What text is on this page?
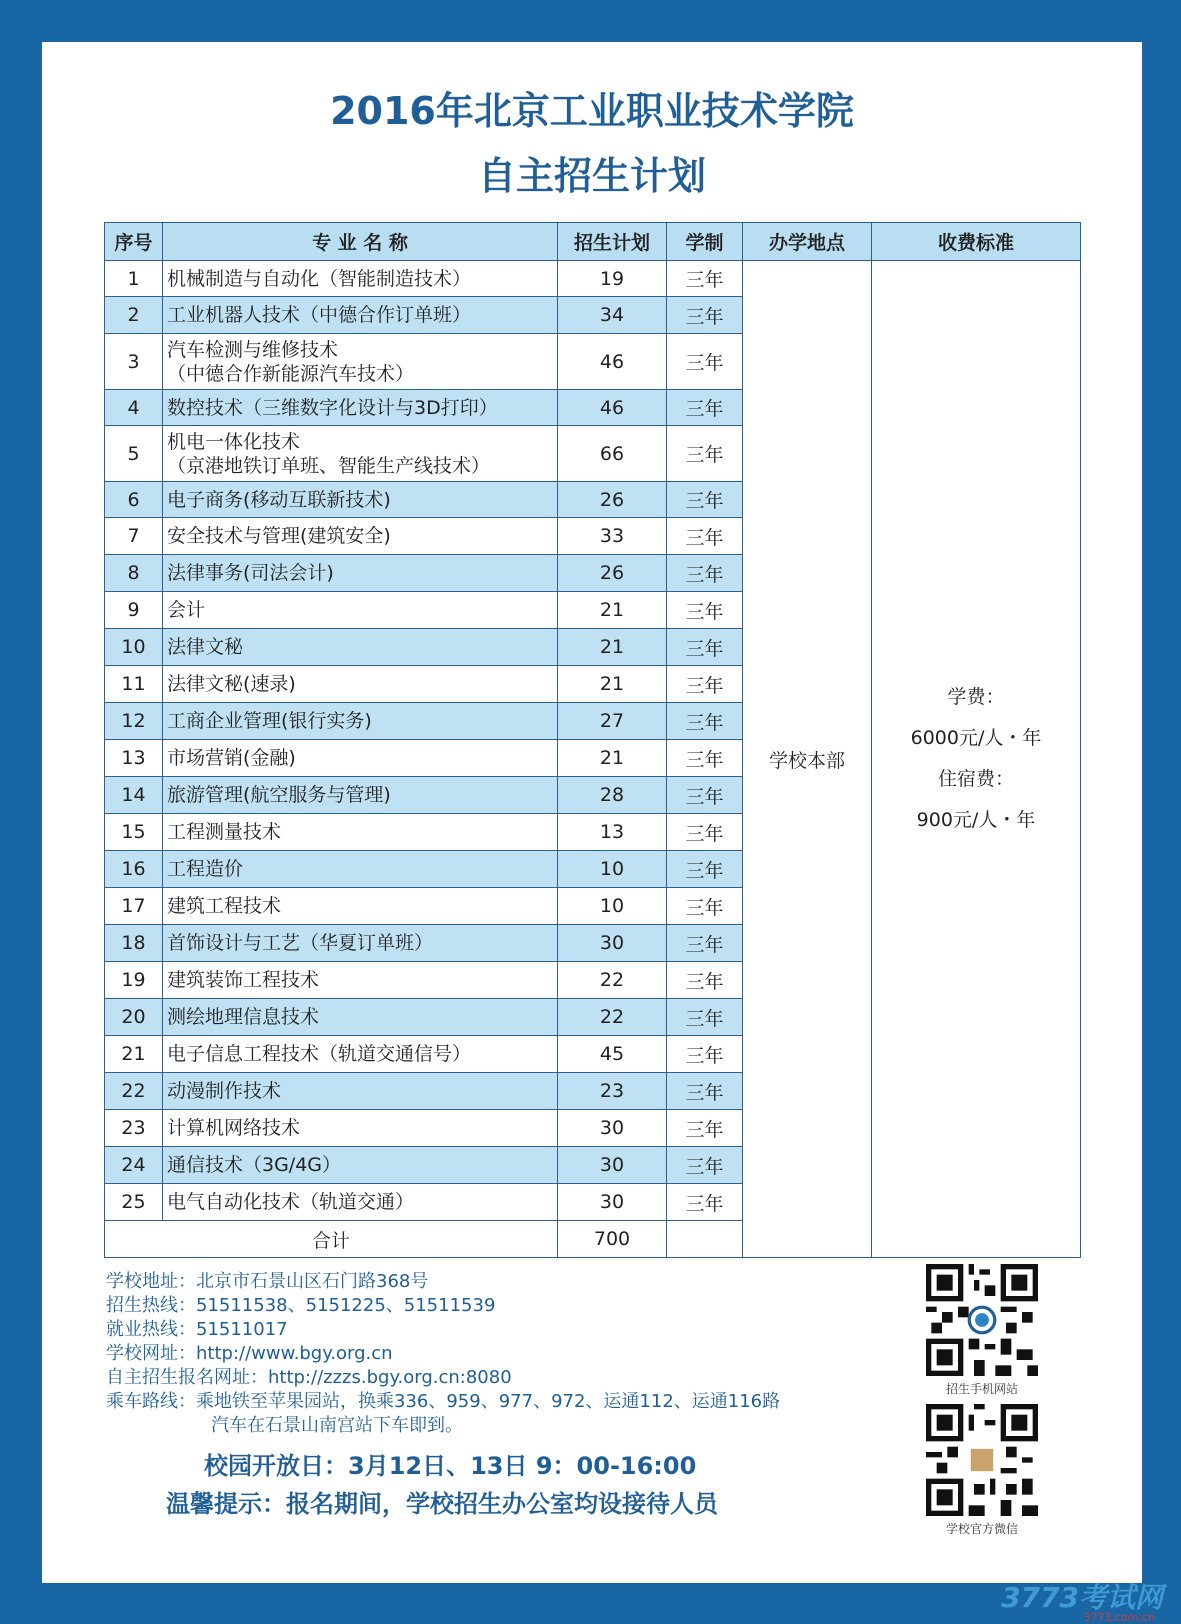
2016年北京工业职业技术学院
自主招生计划
序号	专 业 名 称	招生计划	学制	办学地点	收费标准
1	机械制造与自动化（智能制造技术）	19	三年	学校本部	学费：
6000元/人・年
住宿费：
900元/人・年

2	工业机器人技术（中德合作订单班）	34	三年		
3	汽车检测与维修技术
（中德合作新能源汽车技术）	46	三年		
4	数控技术（三维数字化设计与3D打印）	46	三年		
5	机电一体化技术
（京港地铁订单班、智能生产线技术）	66	三年		
6	电子商务(移动互联新技术)	26	三年		
7	安全技术与管理(建筑安全)	33	三年		
8	法律事务(司法会计)	26	三年		
9	会计	21	三年		
10	法律文秘	21	三年		
11	法律文秘(速录)	21	三年		
12	工商企业管理(银行实务)	27	三年		
13	市场营销(金融)	21	三年		
14	旅游管理(航空服务与管理)	28	三年		
15	工程测量技术	13	三年		
16	工程造价	10	三年		
17	建筑工程技术	10	三年		
18	首饰设计与工艺（华夏订单班）	30	三年		
19	建筑装饰工程技术	22	三年		
20	测绘地理信息技术	22	三年		
21	电子信息工程技术（轨道交通信号）	45	三年		
22	动漫制作技术	23	三年		
23	计算机网络技术	30	三年		
24	通信技术（3G/4G）	30	三年		
25	电气自动化技术（轨道交通）	30	三年		
合计		700			
学校地址：北京市石景山区石门路368号
招生热线：51511538、5151225、51511539
就业热线：51511017
学校网址：http://www.bgy.org.cn
自主招生报名网址：http://zzzs.bgy.org.cn:8080
乘车路线：乘地铁至苹果园站，换乘336、959、977、972、运通112、运通116路
汽车在石景山南宫站下车即到。
校园开放日：3月12日、13日 9：00-16:00
温馨提示：报名期间，学校招生办公室均设接待人员
招生手机网站
学校官方微信
3773考试网
3773.com.cn
